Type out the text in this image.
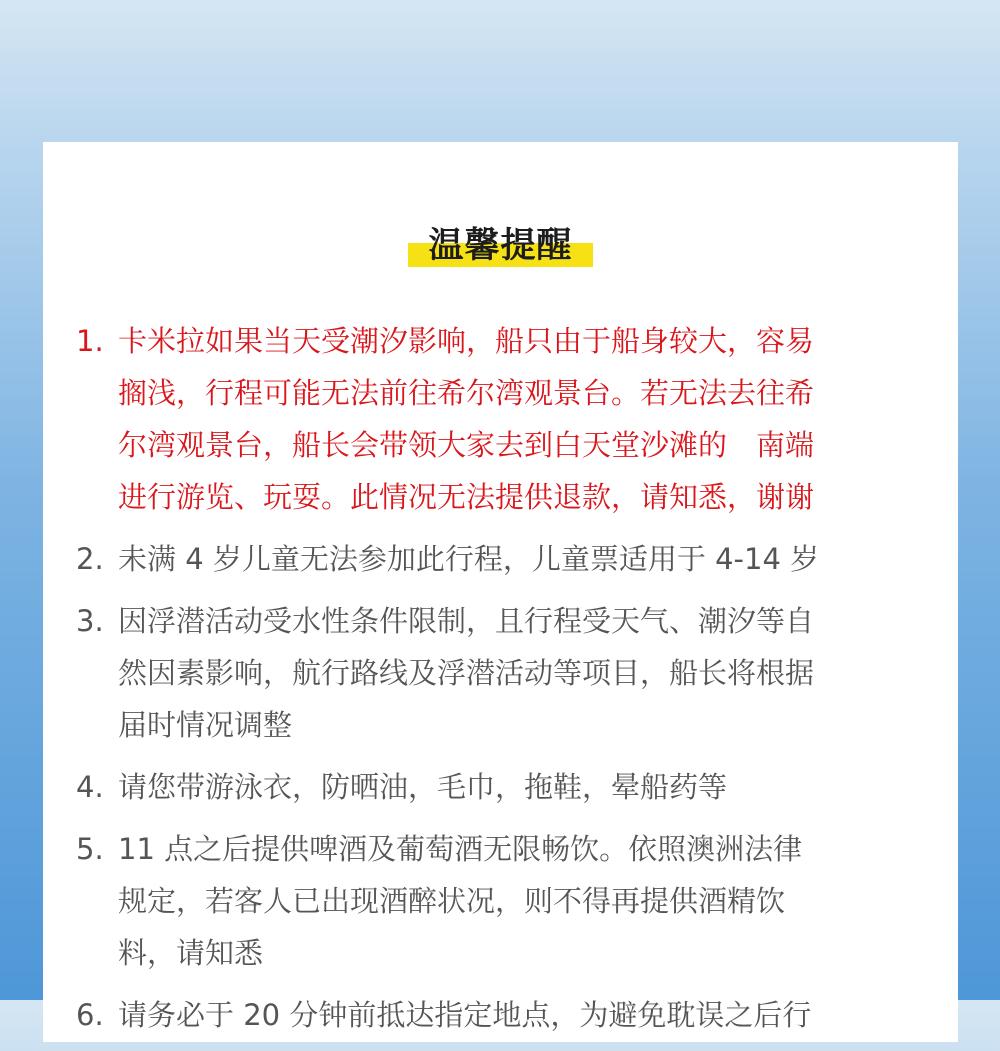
温馨提醒
1. 卡米拉如果当天受潮汐影响，船只由于船身较大，容易
搁浅，行程可能无法前往希尔湾观景台。若无法去往希
尔湾观景台，船长会带领大家去到白天堂沙滩的　南端
进行游览、玩耍。此情况无法提供退款，请知悉，谢谢
2. 未满 4 岁儿童无法参加此行程，儿童票适用于 4-14 岁
3. 因浮潜活动受水性条件限制，且行程受天气、潮汐等自
然因素影响，航行路线及浮潜活动等项目，船长将根据
届时情况调整
4. 请您带游泳衣，防晒油，毛巾，拖鞋，晕船药等
5. 11 点之后提供啤酒及葡萄酒无限畅饮。依照澳洲法律
规定，若客人已出现酒醉状况，则不得再提供酒精饮
料，请知悉
6. 请务必于 20 分钟前抵达指定地点，为避免耽误之后行
